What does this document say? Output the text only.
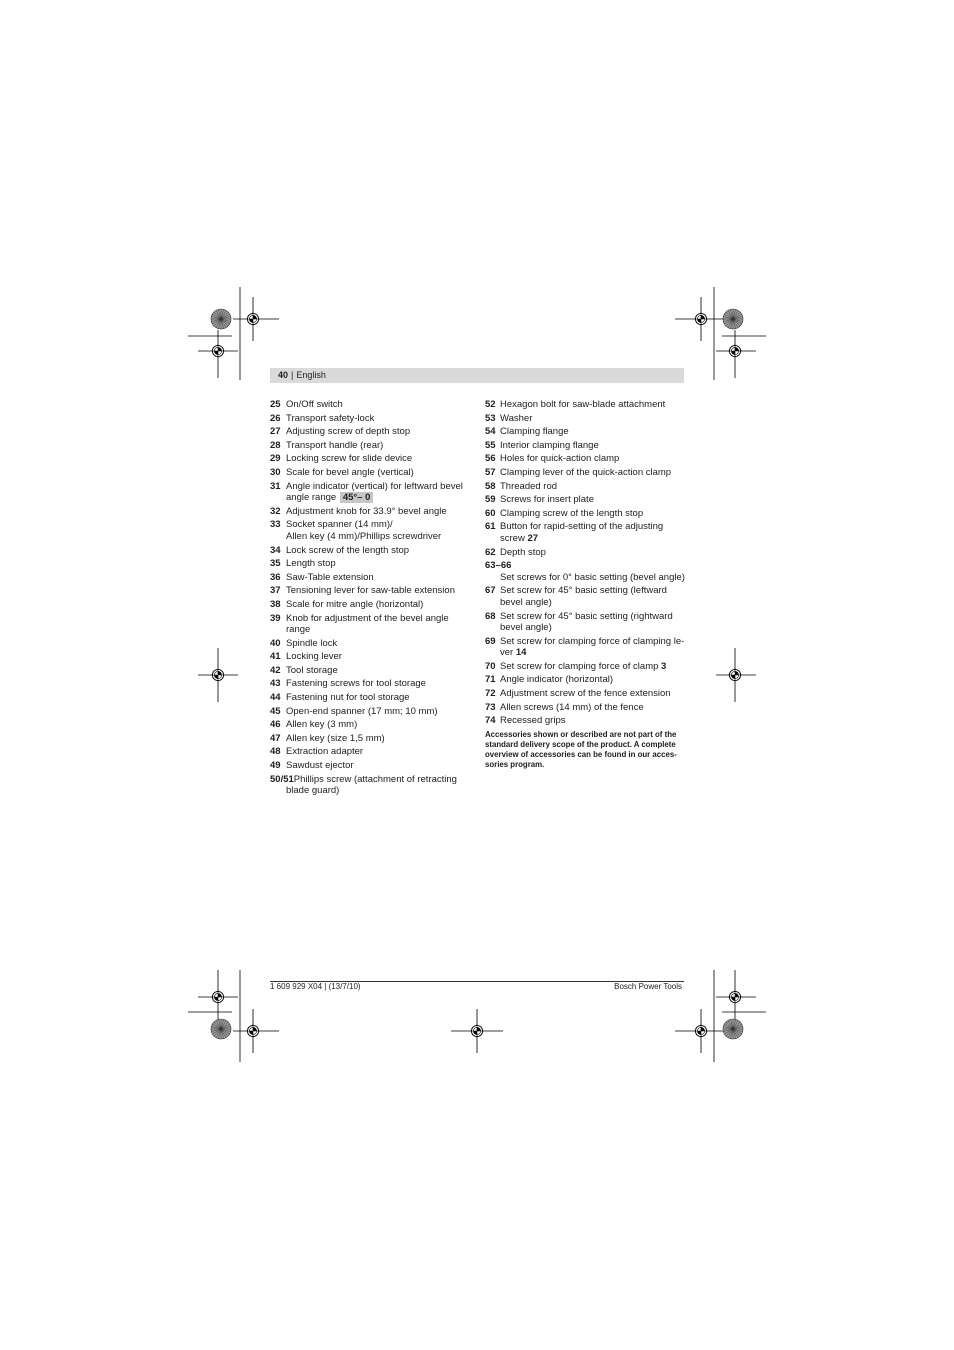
40 | English
25 On/Off switch
26 Transport safety-lock
27 Adjusting screw of depth stop
28 Transport handle (rear)
29 Locking screw for slide device
30 Scale for bevel angle (vertical)
31 Angle indicator (vertical) for leftward bevel
angle range 45°– 0
32 Adjustment knob for 33.9° bevel angle
33 Socket spanner (14 mm)/
Allen key (4 mm)/Phillips screwdriver
34 Lock screw of the length stop
35 Length stop
36 Saw-Table extension
37 Tensioning lever for saw-table extension
38 Scale for mitre angle (horizontal)
39 Knob for adjustment of the bevel angle
range
40 Spindle lock
41 Locking lever
42 Tool storage
43 Fastening screws for tool storage
44 Fastening nut for tool storage
45 Open-end spanner (17 mm; 10 mm)
46 Allen key (3 mm)
47 Allen key (size 1,5 mm)
48 Extraction adapter
49 Sawdust ejector
50/51Phillips screw (attachment of retracting
blade guard)
52 Hexagon bolt for saw-blade attachment
53 Washer
54 Clamping flange
55 Interior clamping flange
56 Holes for quick-action clamp
57 Clamping lever of the quick-action clamp
58 Threaded rod
59 Screws for insert plate
60 Clamping screw of the length stop
61 Button for rapid-setting of the adjusting
screw 27
62 Depth stop
63–66
Set screws for 0° basic setting (bevel angle)
67 Set screw for 45° basic setting (leftward
bevel angle)
68 Set screw for 45° basic setting (rightward
bevel angle)
69 Set screw for clamping force of clamping le-
ver 14
70 Set screw for clamping force of clamp 3
71 Angle indicator (horizontal)
72 Adjustment screw of the fence extension
73 Allen screws (14 mm) of the fence
74 Recessed grips
Accessories shown or described are not part of the
standard delivery scope of the product. A complete
overview of accessories can be found in our acces-
sories program.
1 609 929 X04 | (13/7/10)	Bosch Power Tools
